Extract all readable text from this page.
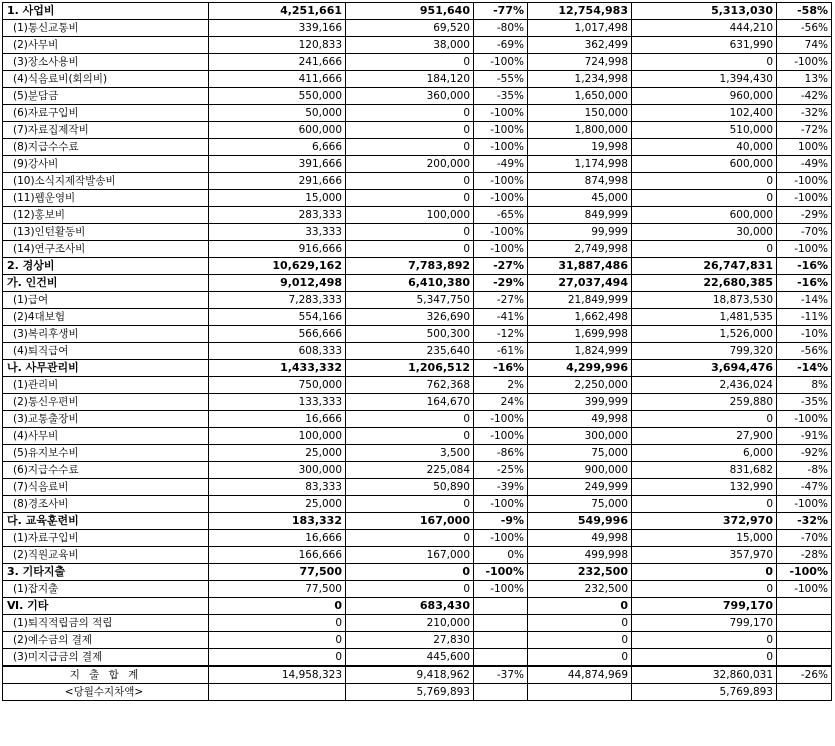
1. 사업비	4,251,661	951,640	-77%	12,754,983	5,313,030	-58%
(1)통신교통비	339,166	69,520	-80%	1,017,498	444,210	-56%
(2)사무비	120,833	38,000	-69%	362,499	631,990	74%
(3)장소사용비	241,666	0	-100%	724,998	0	-100%
(4)식음료비(회의비)	411,666	184,120	-55%	1,234,998	1,394,430	13%
(5)분담금	550,000	360,000	-35%	1,650,000	960,000	-42%
(6)자료구입비	50,000	0	-100%	150,000	102,400	-32%
(7)자료집제작비	600,000	0	-100%	1,800,000	510,000	-72%
(8)지급수수료	6,666	0	-100%	19,998	40,000	100%
(9)강사비	391,666	200,000	-49%	1,174,998	600,000	-49%
(10)소식지제작발송비	291,666	0	-100%	874,998	0	-100%
(11)웹운영비	15,000	0	-100%	45,000	0	-100%
(12)홍보비	283,333	100,000	-65%	849,999	600,000	-29%
(13)인턴활동비	33,333	0	-100%	99,999	30,000	-70%
(14)연구조사비	916,666	0	-100%	2,749,998	0	-100%
2. 경상비	10,629,162	7,783,892	-27%	31,887,486	26,747,831	-16%
가. 인건비	9,012,498	6,410,380	-29%	27,037,494	22,680,385	-16%
(1)급여	7,283,333	5,347,750	-27%	21,849,999	18,873,530	-14%
(2)4대보험	554,166	326,690	-41%	1,662,498	1,481,535	-11%
(3)복리후생비	566,666	500,300	-12%	1,699,998	1,526,000	-10%
(4)퇴직급여	608,333	235,640	-61%	1,824,999	799,320	-56%
나. 사무관리비	1,433,332	1,206,512	-16%	4,299,996	3,694,476	-14%
(1)관리비	750,000	762,368	2%	2,250,000	2,436,024	8%
(2)통신우편비	133,333	164,670	24%	399,999	259,880	-35%
(3)교통출장비	16,666	0	-100%	49,998	0	-100%
(4)사무비	100,000	0	-100%	300,000	27,900	-91%
(5)유지보수비	25,000	3,500	-86%	75,000	6,000	-92%
(6)지급수수료	300,000	225,084	-25%	900,000	831,682	-8%
(7)식음료비	83,333	50,890	-39%	249,999	132,990	-47%
(8)경조사비	25,000	0	-100%	75,000	0	-100%
다. 교육훈련비	183,332	167,000	-9%	549,996	372,970	-32%
(1)자료구입비	16,666	0	-100%	49,998	15,000	-70%
(2)직원교육비	166,666	167,000	0%	499,998	357,970	-28%
3. 기타지출	77,500	0	-100%	232,500	0	-100%
(1)잡지출	77,500	0	-100%	232,500	0	-100%
Ⅵ. 기타	0	683,430		0	799,170	
(1)퇴직적립금의 적립	0	210,000		0	799,170	
(2)예수금의 결제	0	27,830		0	0	
(3)미지급금의 결제	0	445,600		0	0	
지 출 합 계	14,958,323	9,418,962	-37%	44,874,969	32,860,031	-26%
<당월수지차액>		5,769,893			5,769,893	
